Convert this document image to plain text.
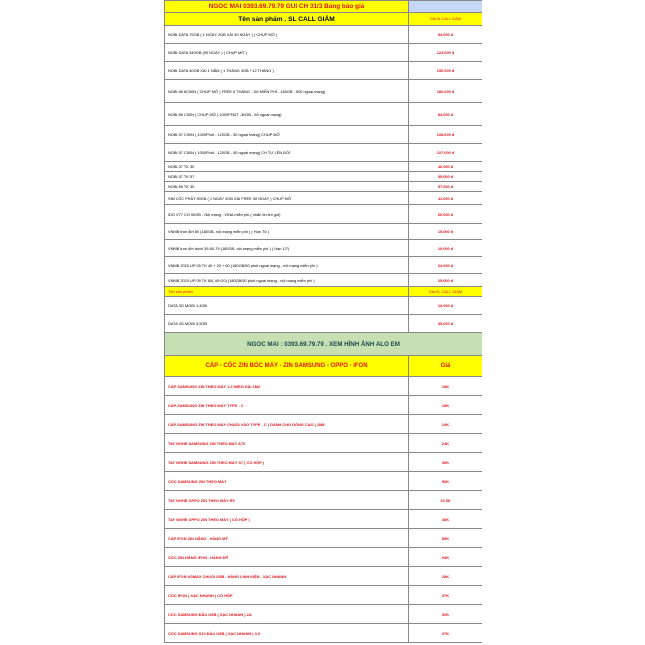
NGOC MAI 0393.69.79.79 GUI CH 31/3 Bảng báo giá	
Tên sản phẩm . SL CALL GIẢM	Giá SL CALL GIẢM
NOBI DATA 75GB ( 1 NGÀY 2GB XÀI 30 NGÀY ) ( CHỤP MỞ )	54.000 đ
NOBI DATA 540GB (90 NGÀY ) ( CHỤP MỞ )	124.000 đ
NOBI DATA 40GB XÀI 1 NĂM ( 1 THÁNG 4GB * 12 THÁNG )	150.000 đ
NOBI 89 6C50N ( CHỤP MỞ ) FREE 6 THÁNG : 1M MIỄN PHÍ - 180GB - 500 ngoại mạng)	180.000 đ
NOBI 89 C50N ( CHỤP MỞ ) 1000PHÚT -30GB - 50 ngoại mạng)	84.000 đ
NOBI 57 C90N ( 1000Phút - 120GB - 50 ngoại mạng) CHỤP MỞ	108.000 đ
NOBI 57 C90N ( 1000Phút - 120GB - 50 ngoại mạng) CH TỰ LÊN ĐỜI	107.000 đ
NOBI 07 TK 30	46.000 đ
NOBI 57 TK 57	55.000 đ
NOBI 89 TK 30	57.000 đ
SIM LỘC PHÁT 90GB ( 1 NGÀY 3GB XÀI FREE 30 NGÀY ) CHỤP MỞ	41.000 đ
IDO V77 CO 90GB - Nội mạng - VINA miễn phí ( nhắn tin lên gói)	60.000 đ
VNMB trọn đời 60 (180GB- nội mạng miễn phí ) ( Hạn T6 )	15.000 đ
VNMB trọn đời dưới 39-60-79 (180GB- nội mạng miễn phí ) ( Hạn 1/7)	10.000 đ
VNMB 2020 UP 05 TK 40 + 20 + 60 (180GB/50 phút ngoại mạng - nội mạng miễn phí )	24.000 đ
VNMB 2020 UP 09 TK 60( 40+20) (180GB/50 phút ngoại mạng - nội mạng miễn phí )	25.000 đ
Tên sản phẩm	Giá SL CALL GIẢM
DATA 3G MOBI 1,4GB	13.000 đ
DATA 3G MOBI 3,5GB	35.000 đ
NGOC MAI : 0393.69.79.79 . XEM HÌNH ẢNH ALO EM	
CÁP - CỐC ZIN BÓC MÁY - ZIN SAMSUNG - OPPO - IFON	Giá
CÁP SAMSUNG ZIN THEO MÁY 1.2 MIRO DÀI 1M2	18K
CÁP SAMSUNG ZIN THEO MÁY TYPE - C	18K
CÁP SAMSUNG ZIN THEO MÁY CHUỐI VÀO TYPE - C ( DÀNH CHO DÒNG CAO ) 1M8	24K
TAY NGHE SAMSUNG ZIN THEO MÁY A70	24K
TAY NGHE SAMSUNG ZIN THEO MÁY S7 ( CÓ HỘP )	36K
CỐC SAMSUNG ZIN THEO MÁY	50K
TAY NGHE OPPO ZIN THEO MÁY R9	16.5K
TAY NGHE OPPO ZIN THEO MÁY ( CÓ HỘP )	36K
CÁP IFON ZIN HÃNG . HÀNG MỸ	89K
CỐC ZIN HÃNG IFON . HÀNG MỸ	94K
CÁP IFON XSMAX CHUỐI USB . HÀNG LINH KIỆN . XẠC NHANH	28K
CỐC IFON ( XẠC NHANH ) CÓ HỘP	37K
CỐC SAMSUNG ĐẦU USB ( XẠC NHANH ) 2A	30K
CỐC SAMSUNG S10 ĐẦU USB ( XẠC NHANH ) 3.0	37K
